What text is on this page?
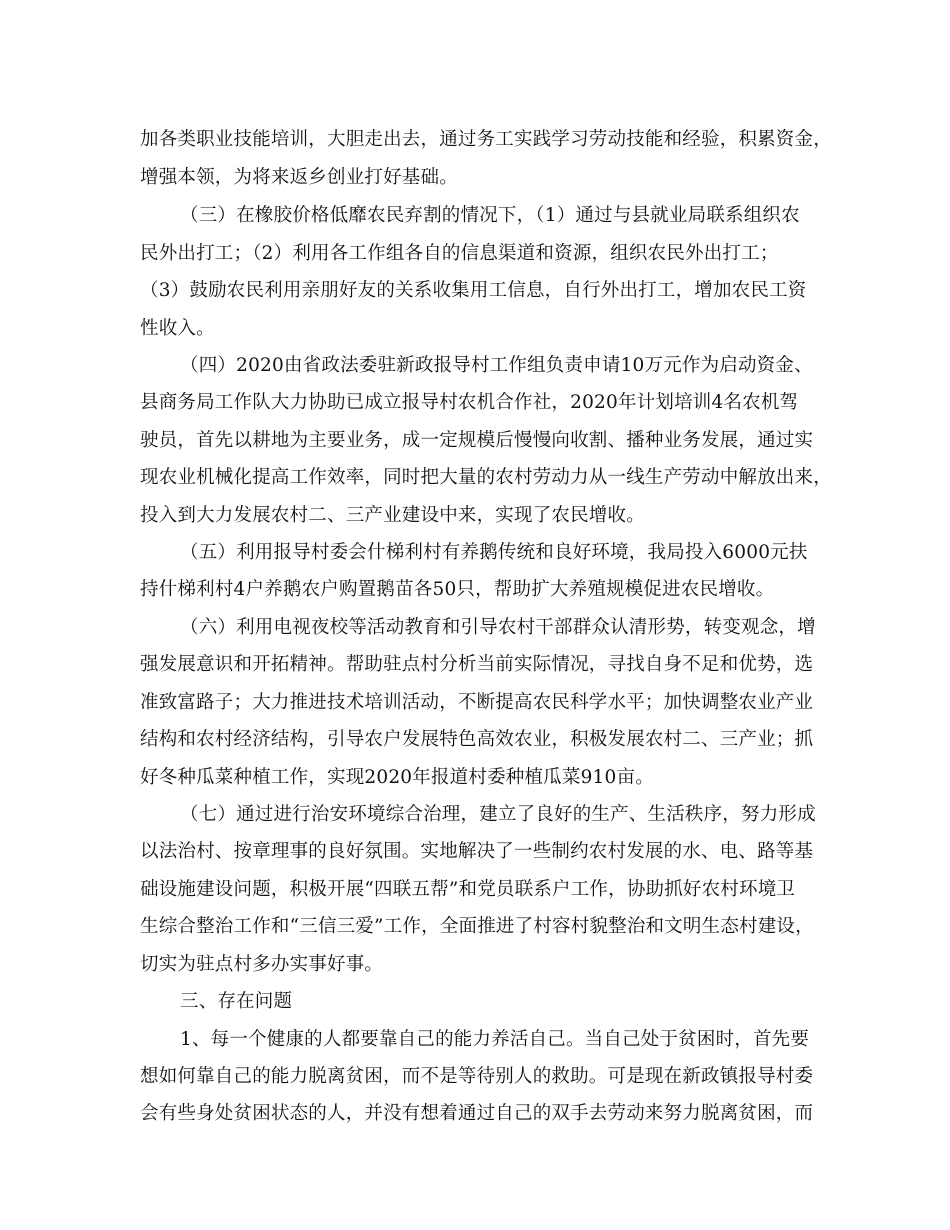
加各类职业技能培训，大胆走出去，通过务工实践学习劳动技能和经验，积累资金，
增强本领，为将来返乡创业打好基础。
（三）在橡胶价格低靡农民弃割的情况下，（1）通过与县就业局联系组织农
民外出打工；（2）利用各工作组各自的信息渠道和资源，组织农民外出打工；
（3）鼓励农民利用亲朋好友的关系收集用工信息，自行外出打工，增加农民工资
性收入。
（四）2020由省政法委驻新政报导村工作组负责申请10万元作为启动资金、
县商务局工作队大力协助已成立报导村农机合作社，2020年计划培训4名农机驾
驶员，首先以耕地为主要业务，成一定规模后慢慢向收割、播种业务发展，通过实
现农业机械化提高工作效率，同时把大量的农村劳动力从一线生产劳动中解放出来，
投入到大力发展农村二、三产业建设中来，实现了农民增收。
（五）利用报导村委会什梯利村有养鹅传统和良好环境，我局投入6000元扶
持什梯利村4户养鹅农户购置鹅苗各50只，帮助扩大养殖规模促进农民增收。
（六）利用电视夜校等活动教育和引导农村干部群众认清形势，转变观念，增
强发展意识和开拓精神。帮助驻点村分析当前实际情况，寻找自身不足和优势，选
准致富路子；大力推进技术培训活动，不断提高农民科学水平；加快调整农业产业
结构和农村经济结构，引导农户发展特色高效农业，积极发展农村二、三产业；抓
好冬种瓜菜种植工作，实现2020年报道村委种植瓜菜910亩。
（七）通过进行治安环境综合治理，建立了良好的生产、生活秩序，努力形成
以法治村、按章理事的良好氛围。实地解决了一些制约农村发展的水、电、路等基
础设施建设问题，积极开展“四联五帮”和党员联系户工作，协助抓好农村环境卫
生综合整治工作和“三信三爱”工作，全面推进了村容村貌整治和文明生态村建设，
切实为驻点村多办实事好事。
三、存在问题
1、每一个健康的人都要靠自己的能力养活自己。当自己处于贫困时，首先要
想如何靠自己的能力脱离贫困，而不是等待别人的救助。可是现在新政镇报导村委
会有些身处贫困状态的人，并没有想着通过自己的双手去劳动来努力脱离贫困，而
